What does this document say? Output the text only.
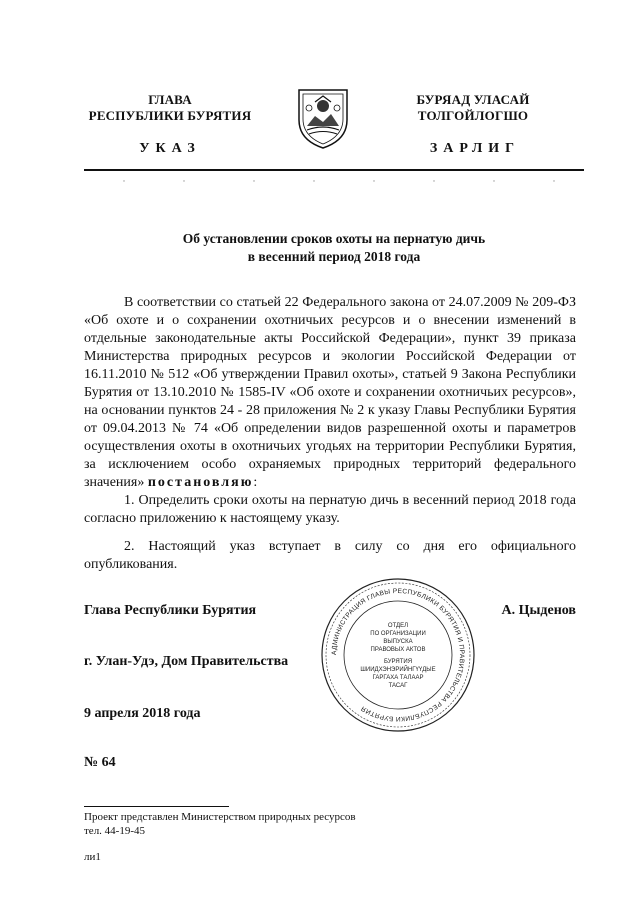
ГЛАВА
РЕСПУБЛИКИ БУРЯТИЯ
БУРЯАД УЛАСАЙ
ТОЛГОЙЛОГШО
УКАЗ	ЗАРЛИГ
Об установлении сроков охоты на пернатую дичь
в весенний период 2018 года

В соответствии со статьей 22 Федерального закона от 24.07.2009 № 209-ФЗ «Об охоте и о сохранении охотничьих ресурсов и о внесении изменений в отдельные законодательные акты Российской Федерации», пункт 39 приказа Министерства природных ресурсов и экологии Российской Федерации от 16.11.2010 № 512 «Об утверждении Правил охоты», статьей 9 Закона Республики Бурятия от 13.10.2010 № 1585-IV «Об охоте и сохранении охотничьих ресурсов», на основании пунктов 24 - 28 приложения № 2 к указу Главы Республики Бурятия от 09.04.2013 № 74 «Об определении видов разрешенной охоты и параметров осуществления охоты в охотничьих угодьях на территории Республики Бурятия, за исключением особо охраняемых природных территорий федерального значения» постановляю:

1. Определить сроки охоты на пернатую дичь в весенний период 2018 года согласно приложению к настоящему указу.

2. Настоящий указ вступает в силу со дня его официального опубликования.

Глава Республики Бурятия	А. Цыденов
г. Улан-Удэ, Дом Правительства
9 апреля 2018 года
№ 64
АДМИНИСТРАЦИЯ ГЛАВЫ РЕСПУБЛИКИ БУРЯТИЯ И ПРАВИТЕЛЬСТВА РЕСПУБЛИКИ БУРЯТИЯ
ОТДЕЛ
ПО ОРГАНИЗАЦИИ
ВЫПУСКА
ПРАВОВЫХ АКТОВ
БУРЯТИЯ
ШИИДХЭНЭРИЙНГҮҮДЫЕ
ГАРГАХА ТАЛААР
ТАСАГ
Проект представлен Министерством природных ресурсов
тел. 44-19-45
ли1
